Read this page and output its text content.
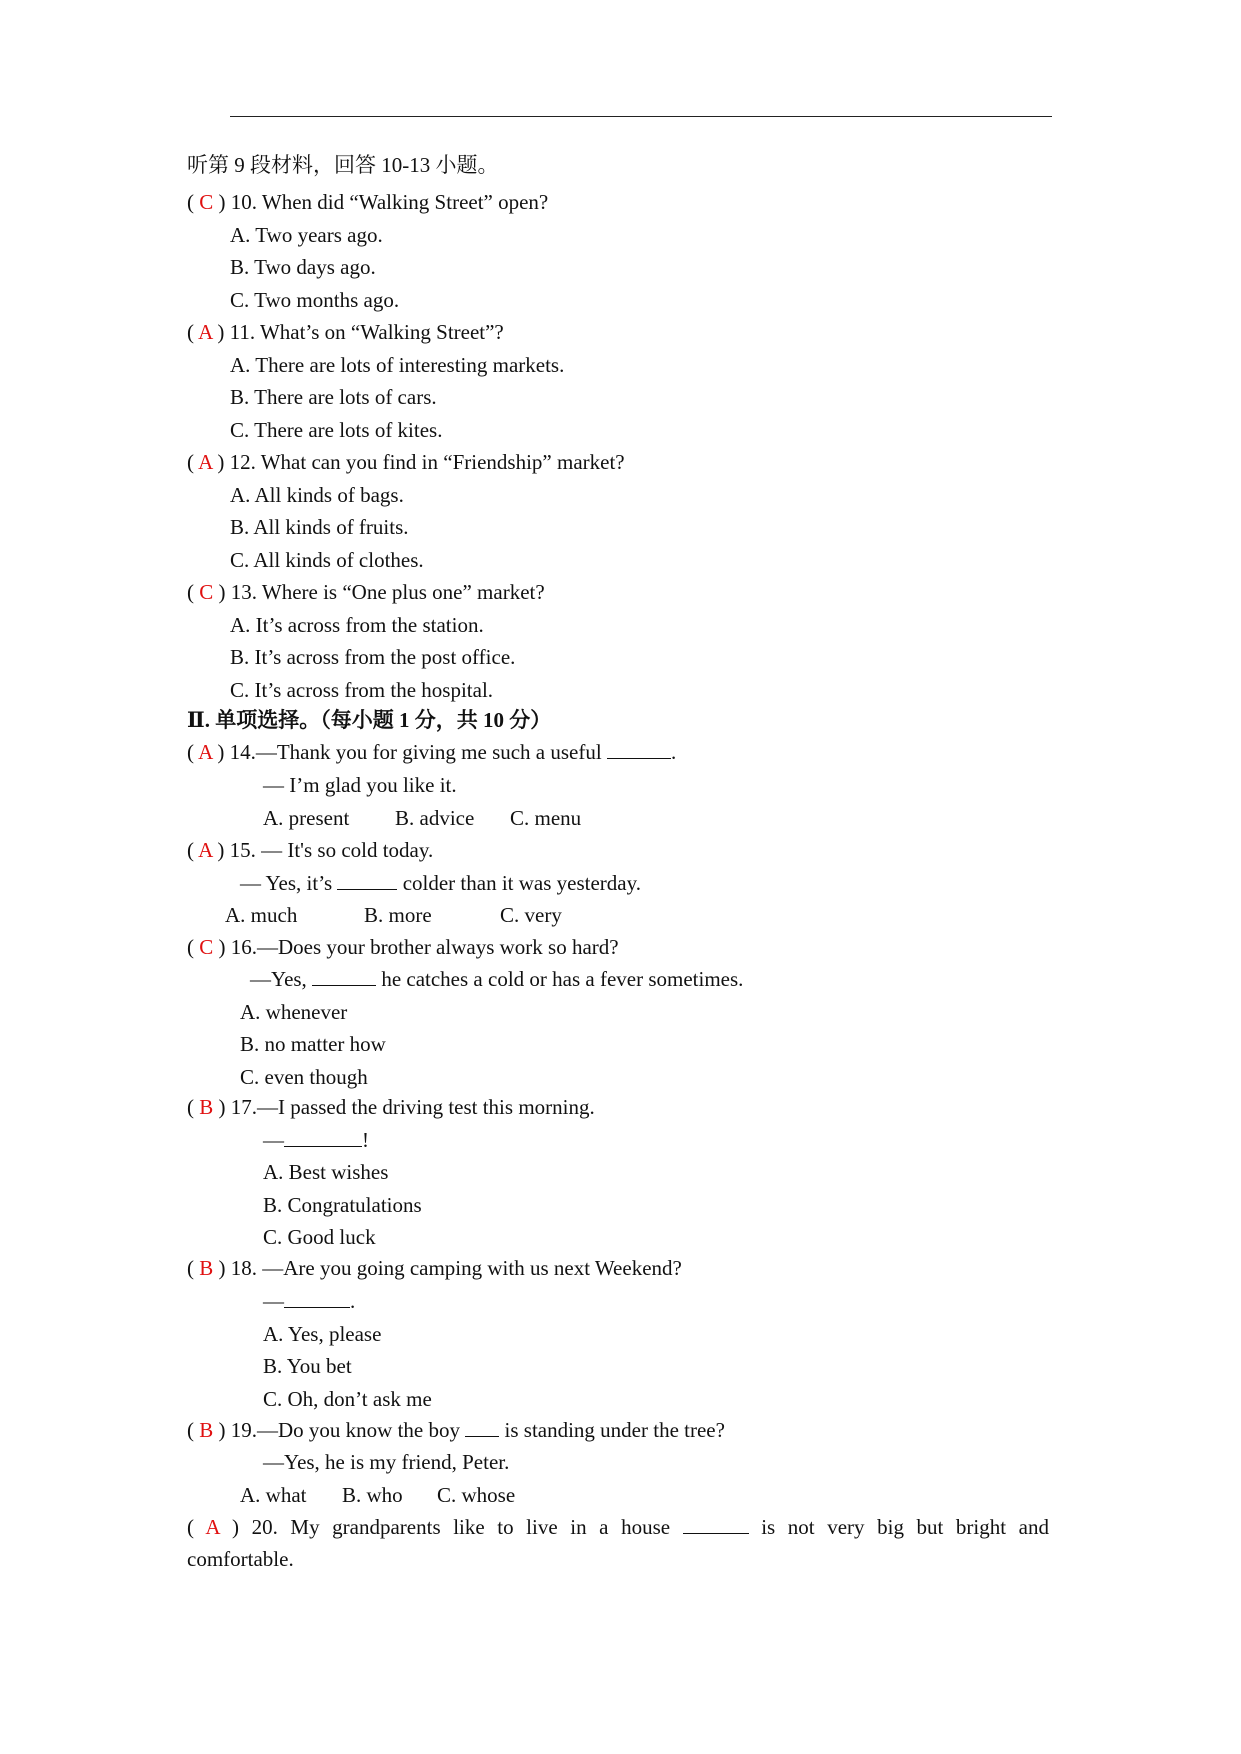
听第 9 段材料，回答 10-13 小题。
( C ) 10. When did “Walking Street” open?
A. Two years ago.
B. Two days ago.
C. Two months ago.
( A ) 11. What’s on “Walking Street”?
A. There are lots of interesting markets.
B. There are lots of cars.
C. There are lots of kites.
( A ) 12. What can you find in “Friendship” market?
A. All kinds of bags.
B. All kinds of fruits.
C. All kinds of clothes.
( C ) 13. Where is “One plus one” market?
A. It’s across from the station.
B. It’s across from the post office.
C. It’s across from the hospital.
Ⅱ. 单项选择。（每小题 1 分，共 10 分）
( A ) 14.—Thank you for giving me such a useful	.
— I’m glad you like it.
A. present B. advice C. menu
( A ) 15. — It's so cold today.
— Yes, it’s	colder than it was yesterday.
A. much	B. more	C. very
( C ) 16.—Does your brother always work so hard?
—Yes,	he catches a cold or has a fever sometimes.
A. whenever
B. no matter how
C. even though
( B ) 17.—I passed the driving test this morning.
—	!
A. Best wishes
B. Congratulations
C. Good luck
( B ) 18. —Are you going camping with us next Weekend?
—	.
A. Yes, please
B. You bet
C. Oh, don’t ask me
( B ) 19.—Do you know the boy  is standing under the tree?
—Yes, he is my friend, Peter.
A. what B. who C. whose
( A ) 20. My grandparents like to live in a house	is not very big but bright and
comfortable.
